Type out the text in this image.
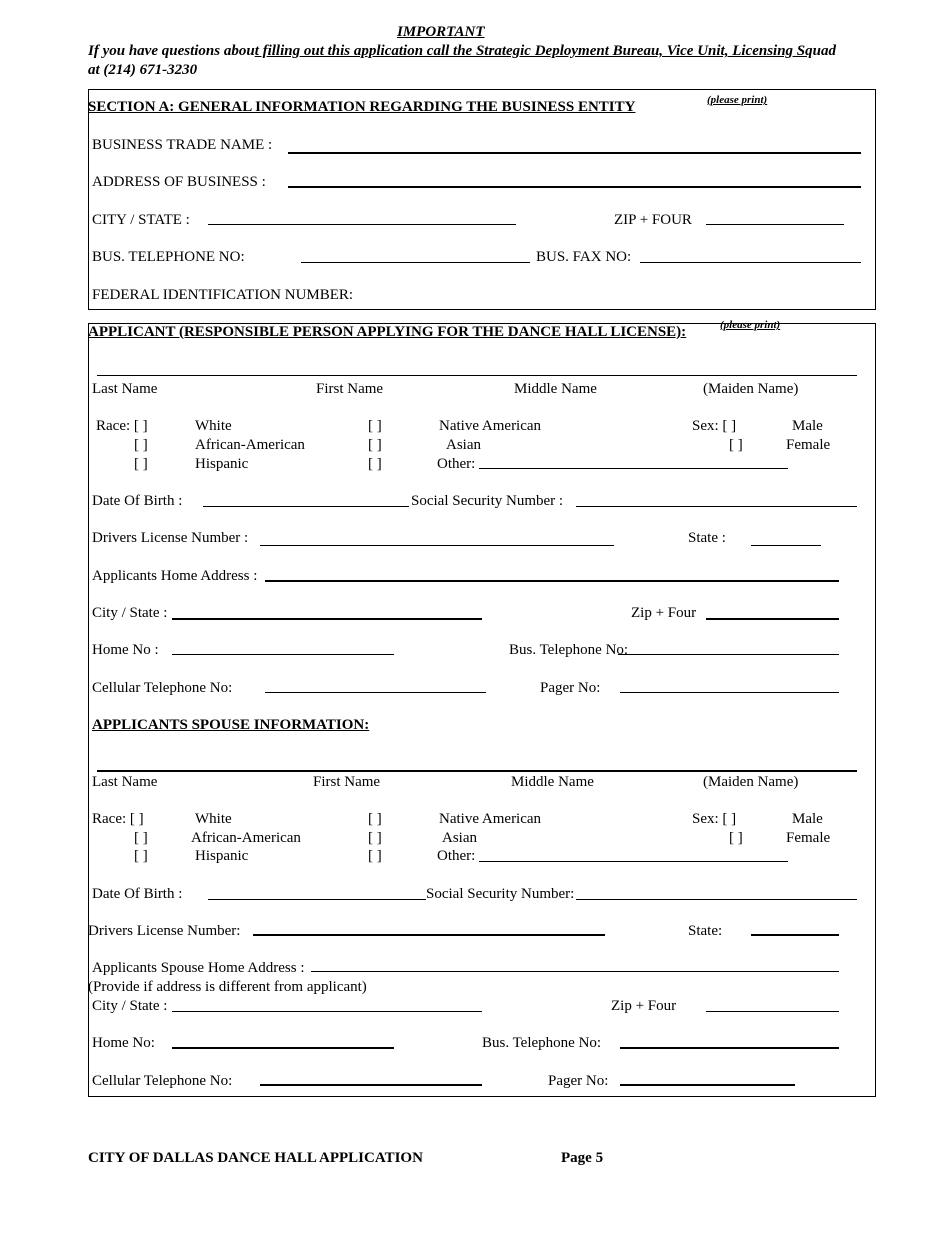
IMPORTANT
If you have questions about filling out this application call the Strategic Deployment Bureau, Vice Unit, Licensing Squad
at (214) 671-3230
SECTION A: GENERAL INFORMATION REGARDING THE BUSINESS ENTITY	(please print)
BUSINESS TRADE NAME :
ADDRESS OF BUSINESS :
CITY / STATE :	ZIP + FOUR
BUS. TELEPHONE NO:	BUS. FAX NO:
FEDERAL IDENTIFICATION NUMBER:
APPLICANT (RESPONSIBLE PERSON APPLYING FOR THE DANCE HALL LICENSE):	(please print)
Last Name	First Name	Middle Name	(Maiden Name)
Race: [ ]	White	[ ]	Native American	Sex: [ ]	Male
[ ]	African-American	[ ]	Asian	[ ]	Female
[ ]	Hispanic	[ ]	Other:
Date Of Birth :	Social Security Number :
Drivers License Number :	State :
Applicants Home Address :
City / State :	Zip + Four
Home No :	Bus. Telephone No:
Cellular Telephone No:	Pager No:
APPLICANTS SPOUSE INFORMATION:
Last Name	First Name	Middle Name	(Maiden Name)
Race: [ ]	White	[ ]	Native American	Sex: [ ]	Male
[ ]	African-American	[ ]	Asian	[ ]	Female
[ ]	Hispanic	[ ]	Other:
Date Of Birth :	Social Security Number:
Drivers License Number:	State:
Applicants Spouse Home Address :
(Provide if address is different from applicant)
City / State :	Zip + Four
Home No:	Bus. Telephone No:
Cellular Telephone No:	Pager No:
CITY OF DALLAS DANCE HALL APPLICATION	Page 5
